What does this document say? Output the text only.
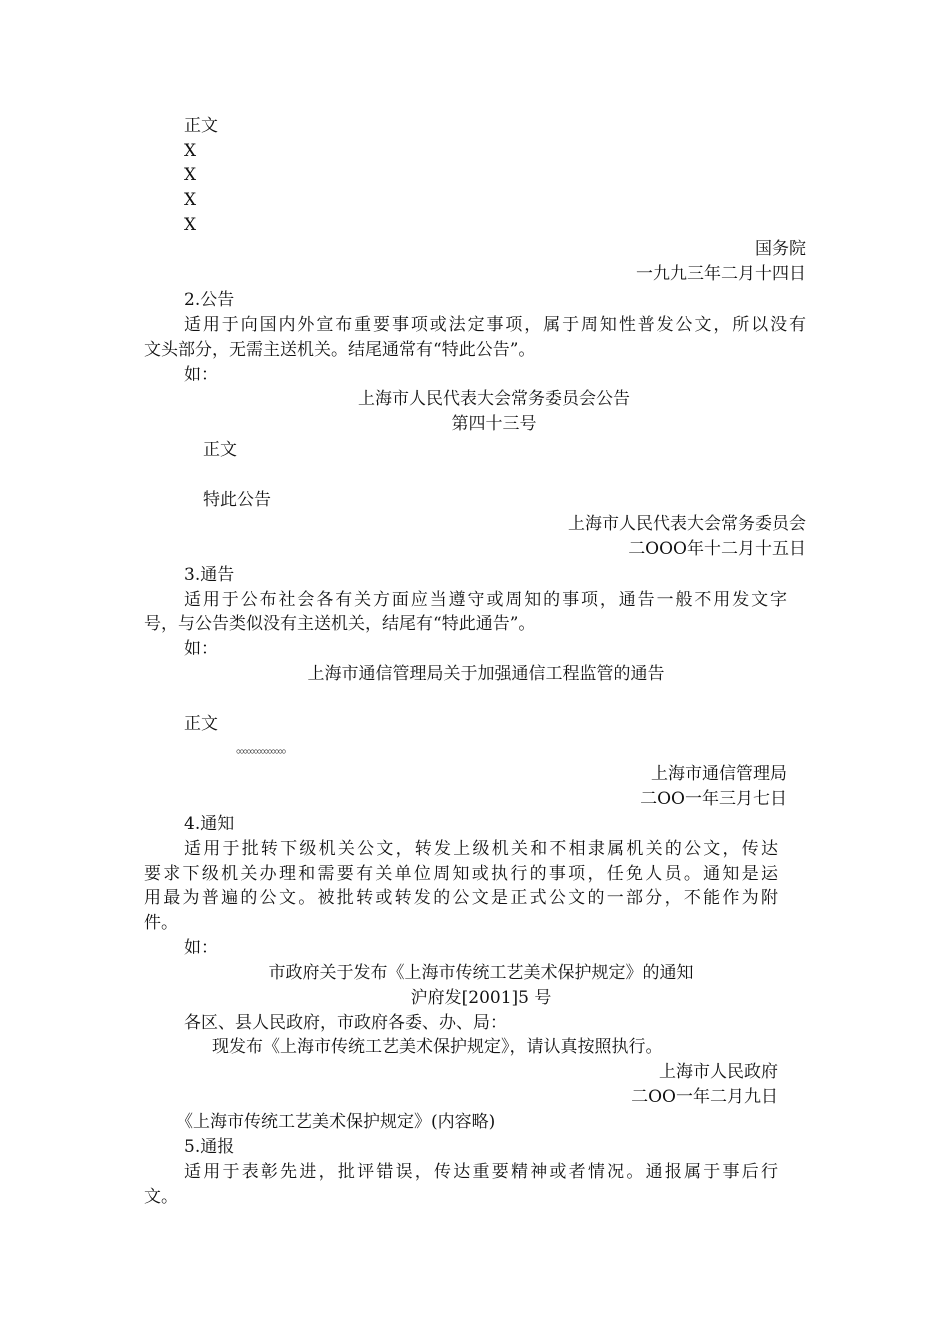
正文
X
X
X
X
国务院
一九九三年二月十四日
2.公告
适用于向国内外宣布重要事项或法定事项，属于周知性普发公文，所以没有
文头部分，无需主送机关。结尾通常有“特此公告”。
如：
上海市人民代表大会常务委员会公告
第四十三号
正文
特此公告
上海市人民代表大会常务委员会
二OOO年十二月十五日
3.通告
适用于公布社会各有关方面应当遵守或周知的事项，通告一般不用发文字
号，与公告类似没有主送机关，结尾有“特此通告”。
如：
上海市通信管理局关于加强通信工程监管的通告
正文
。。。。。。。。。。。。。。
上海市通信管理局
二OO一年三月七日
4.通知
适用于批转下级机关公文，转发上级机关和不相隶属机关的公文，传达
要求下级机关办理和需要有关单位周知或执行的事项，任免人员。通知是运
用最为普遍的公文。被批转或转发的公文是正式公文的一部分，不能作为附
件。
如：
市政府关于发布《上海市传统工艺美术保护规定》的通知
沪府发[2001]5 号
各区、县人民政府，市政府各委、办、局：
现发布《上海市传统工艺美术保护规定》，请认真按照执行。
上海市人民政府
二OO一年二月九日
《上海市传统工艺美术保护规定》(内容略)
5.通报
适用于表彰先进，批评错误，传达重要精神或者情况。通报属于事后行
文。
